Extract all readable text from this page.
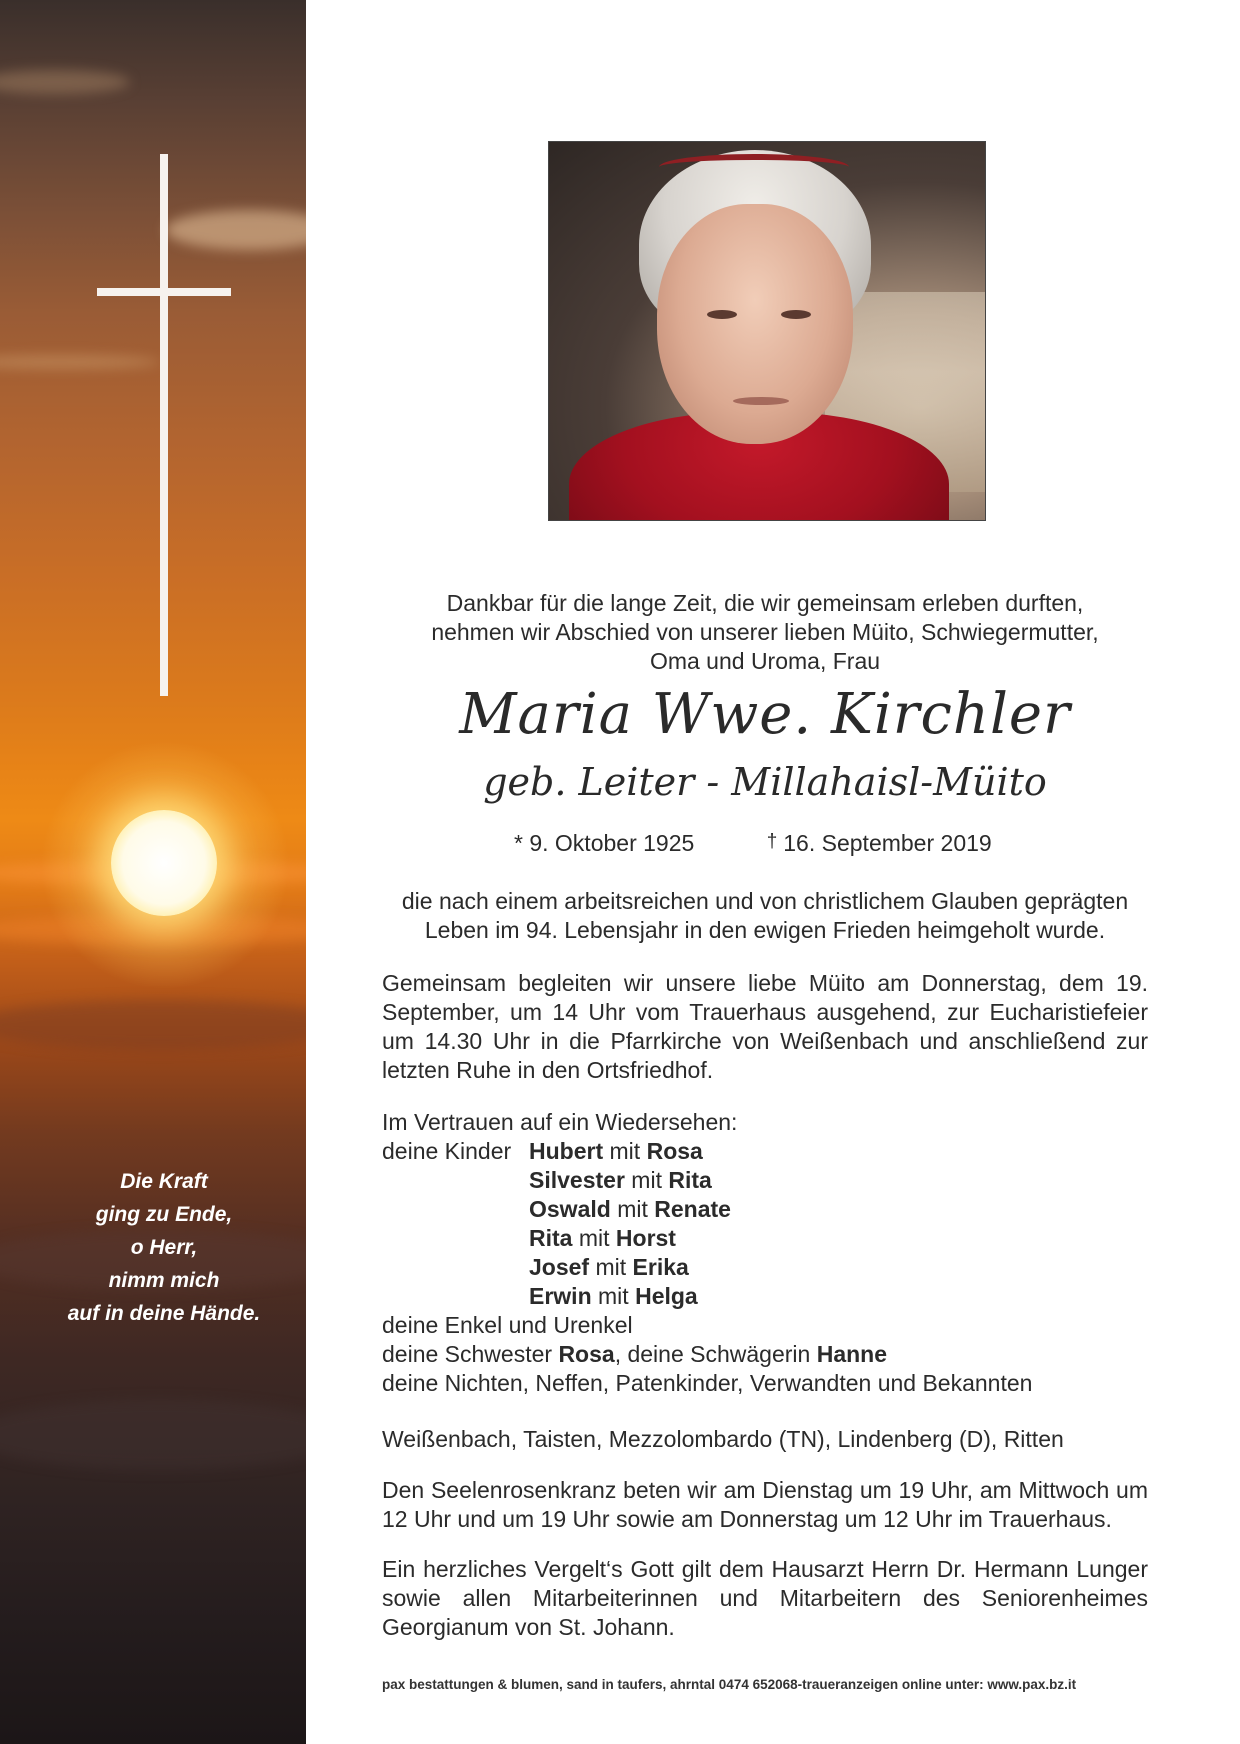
Die Kraft
ging zu Ende,
o Herr,
nimm mich
auf in deine Hände.
Dankbar für die lange Zeit, die wir gemeinsam erleben durften,
nehmen wir Abschied von unserer lieben Müito, Schwiegermutter,
Oma und Uroma, Frau
Maria Wwe. Kirchler
geb. Leiter - Millahaisl-Müito
* 9. Oktober 1925	† 16. September 2019
die nach einem arbeitsreichen und von christlichem Glauben geprägten
Leben im 94. Lebensjahr in den ewigen Frieden heimgeholt wurde.
Gemeinsam begleiten wir unsere liebe Müito am Donnerstag, dem 19. September, um 14 Uhr vom Trauerhaus ausgehend, zur Eucharistiefeier um 14.30 Uhr in die Pfarrkirche von Weißenbach und anschließend zur letzten Ruhe in den Ortsfriedhof.
Im Vertrauen auf ein Wiedersehen:
deine Kinder Hubert mit Rosa
Silvester mit Rita
Oswald mit Renate
Rita mit Horst
Josef mit Erika
Erwin mit Helga
deine Enkel und Urenkel
deine Schwester Rosa, deine Schwägerin Hanne
deine Nichten, Neffen, Patenkinder, Verwandten und Bekannten
Weißenbach, Taisten, Mezzolombardo (TN), Lindenberg (D), Ritten
Den Seelenrosenkranz beten wir am Dienstag um 19 Uhr, am Mittwoch um 12 Uhr und um 19 Uhr sowie am Donnerstag um 12 Uhr im Trauerhaus.
Ein herzliches Vergelt‘s Gott gilt dem Hausarzt Herrn Dr. Hermann Lunger sowie allen Mitarbeiterinnen und Mitarbeitern des Seniorenheimes Georgianum von St. Johann.
pax bestattungen & blumen, sand in taufers, ahrntal 0474 652068-traueranzeigen online unter: www.pax.bz.it
